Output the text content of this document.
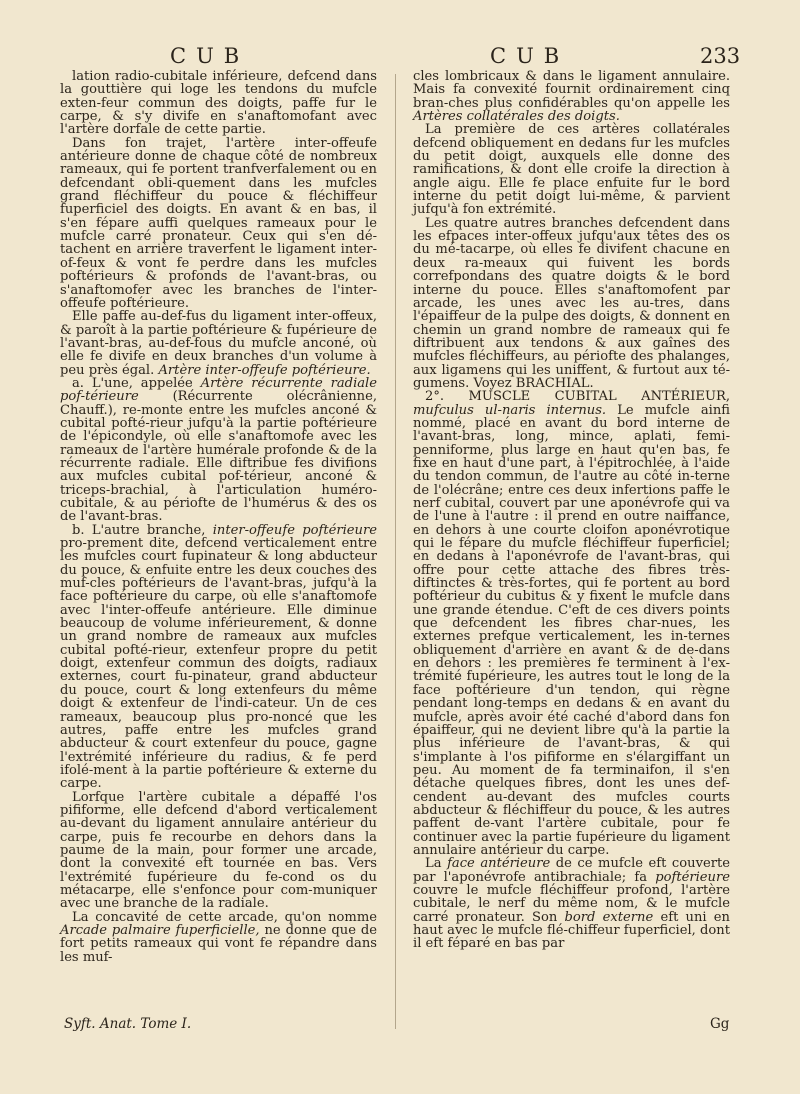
CUB	CUB	233

lation radio-cubitale inférieure, defcend dans la gouttière qui loge les tendons du mufcle exten-feur commun des doigts, paffe fur le carpe, & s'y divife en s'anaftomofant avec l'artère dorfale de cette partie.

Dans fon trajet, l'artère inter-offeufe antérieure donne de chaque côté de nombreux rameaux, qui fe portent tranfverfalement ou en defcendant obli-quement dans les mufcles grand fléchiffeur du pouce & fléchiffeur fuperficiel des doigts. En avant & en bas, il s'en fépare auffi quelques rameaux pour le mufcle carré pronateur. Ceux qui s'en dé-tachent en arrière traverfent le ligament inter-of-feux & vont fe perdre dans les mufcles poftérieurs & profonds de l'avant-bras, ou s'anaftomofer avec les branches de l'inter-offeufe poftérieure.

Elle paffe au-def-fus du ligament inter-offeux, & paroît à la partie poftérieure & fupérieure de l'avant-bras, au-def-fous du mufcle anconé, où elle fe divife en deux branches d'un volume à peu près égal. Artère inter-offeufe poftérieure.

a. L'une, appelée Artère récurrente radiale pof-térieure	(Récurrente olécrânienne, Chauff.), re-monte entre les mufcles anconé & cubital pofté-rieur jufqu'à la partie poftérieure de l'épicondyle, où elle s'anaftomofe avec les rameaux de l'artère humérale profonde & de la récurrente radiale. Elle diftribue fes divifions aux mufcles cubital pof-térieur, anconé & triceps-brachial, à l'articulation huméro-cubitale, & au périofte de l'humérus & des os de l'avant-bras.

b. L'autre branche, inter-offeufe poftérieure pro-prement dite, defcend verticalement entre les mufcles court fupinateur & long abducteur du pouce, & enfuite entre les deux couches des muf-cles poftérieurs de l'avant-bras, jufqu'à la face poftérieure du carpe, où elle s'anaftomofe avec l'inter-offeufe antérieure. Elle diminue beaucoup de volume inférieurement, & donne un grand nombre de rameaux aux mufcles cubital pofté-rieur, extenfeur propre du petit doigt, extenfeur commun des doigts, radiaux externes, court fu-pinateur, grand abducteur du pouce, court & long extenfeurs du même doigt & extenfeur de l'indi-cateur. Un de ces rameaux, beaucoup plus pro-noncé que les autres, paffe entre les mufcles grand abducteur & court extenfeur du pouce, gagne l'extrémité inférieure du radius, & fe perd ifolé-ment à la partie poftérieure & externe du carpe.

Lorfque l'artère cubitale a dépaffé l'os pififorme, elle defcend d'abord verticalement au-devant du ligament annulaire antérieur du carpe, puis fe recourbe en dehors dans la paume de la main, pour former une arcade, dont la convexité eft tournée en bas. Vers l'extrémité fupérieure du fe-cond os du métacarpe, elle s'enfonce pour com-muniquer avec une branche de la radiale.

La concavité de cette arcade, qu'on nomme Arcade palmaire fuperficielle, ne donne que de fort petits rameaux qui vont fe répandre dans les muf-

cles lombricaux & dans le ligament annulaire. Mais fa convexité fournit ordinairement cinq bran-ches plus confidérables qu'on appelle les Artères collatérales des doigts.

La première de ces artères collatérales defcend obliquement en dedans fur les mufcles du petit doigt, auxquels elle donne des ramifications, & dont elle croife la direction à angle aigu. Elle fe place enfuite fur le bord interne du petit doigt lui-même, & parvient jufqu'à fon extrémité.

Les quatre autres branches defcendent dans les efpaces inter-offeux jufqu'aux têtes des os du mé-tacarpe, où elles fe divifent chacune en deux ra-meaux qui fuivent les bords correfpondans des quatre doigts & le bord interne du pouce. Elles s'anaftomofent par arcade, les unes avec les au-tres, dans l'épaiffeur de la pulpe des doigts, & donnent en chemin un grand nombre de rameaux qui fe diftribuent aux tendons & aux gaînes des mufcles fléchiffeurs, au périofte des phalanges, aux ligamens qui les uniffent, & furtout aux té-gumens. Voyez BRACHIAL.

2°. MUSCLE CUBITAL ANTÉRIEUR, mufculus ul-naris internus. Le mufcle ainfi nommé, placé en avant du bord interne de l'avant-bras, long, mince, aplati, femi-penniforme, plus large en haut qu'en bas, fe fixe en haut d'une part, à l'épitrochlée, à l'aide du tendon commun, de l'autre au côté in-terne de l'olécrâne; entre ces deux infertions paffe le nerf cubital, couvert par une aponévrofe qui va de l'une à l'autre : il prend en outre naiffance, en dehors à une courte cloifon aponévrotique qui le fépare du mufcle fléchiffeur fuperficiel; en dedans à l'aponévrofe de l'avant-bras, qui offre pour cette attache des fibres très-diftinctes & très-fortes, qui fe portent au bord poftérieur du cubitus & y fixent le mufcle dans une grande étendue. C'eft de ces divers points que defcendent les fibres char-nues, les externes prefque verticalement, les in-ternes obliquement d'arrière en avant & de de-dans en dehors : les premières fe terminent à l'ex-trémité fupérieure, les autres tout le long de la face poftérieure d'un tendon, qui règne pendant long-temps en dedans & en avant du mufcle, après avoir été caché d'abord dans fon épaiffeur, qui ne devient libre qu'à la partie la plus inférieure de l'avant-bras, & qui s'implante à l'os pififorme en s'élargiffant un peu. Au moment de fa terminaifon, il s'en détache quelques fibres, dont les unes def-cendent au-devant des mufcles courts abducteur & fléchiffeur du pouce, & les autres paffent de-vant l'artère cubitale, pour fe continuer avec la partie fupérieure du ligament annulaire antérieur du carpe.

La face antérieure de ce mufcle eft couverte par l'aponévrofe antibrachiale; fa poftérieure couvre le mufcle fléchiffeur profond, l'artère cubitale, le nerf du même nom, & le mufcle carré pronateur. Son bord externe eft uni en haut avec le mufcle flé-chiffeur fuperficiel, dont il eft féparé en bas par

Syft. Anat. Tome I.	Gg
